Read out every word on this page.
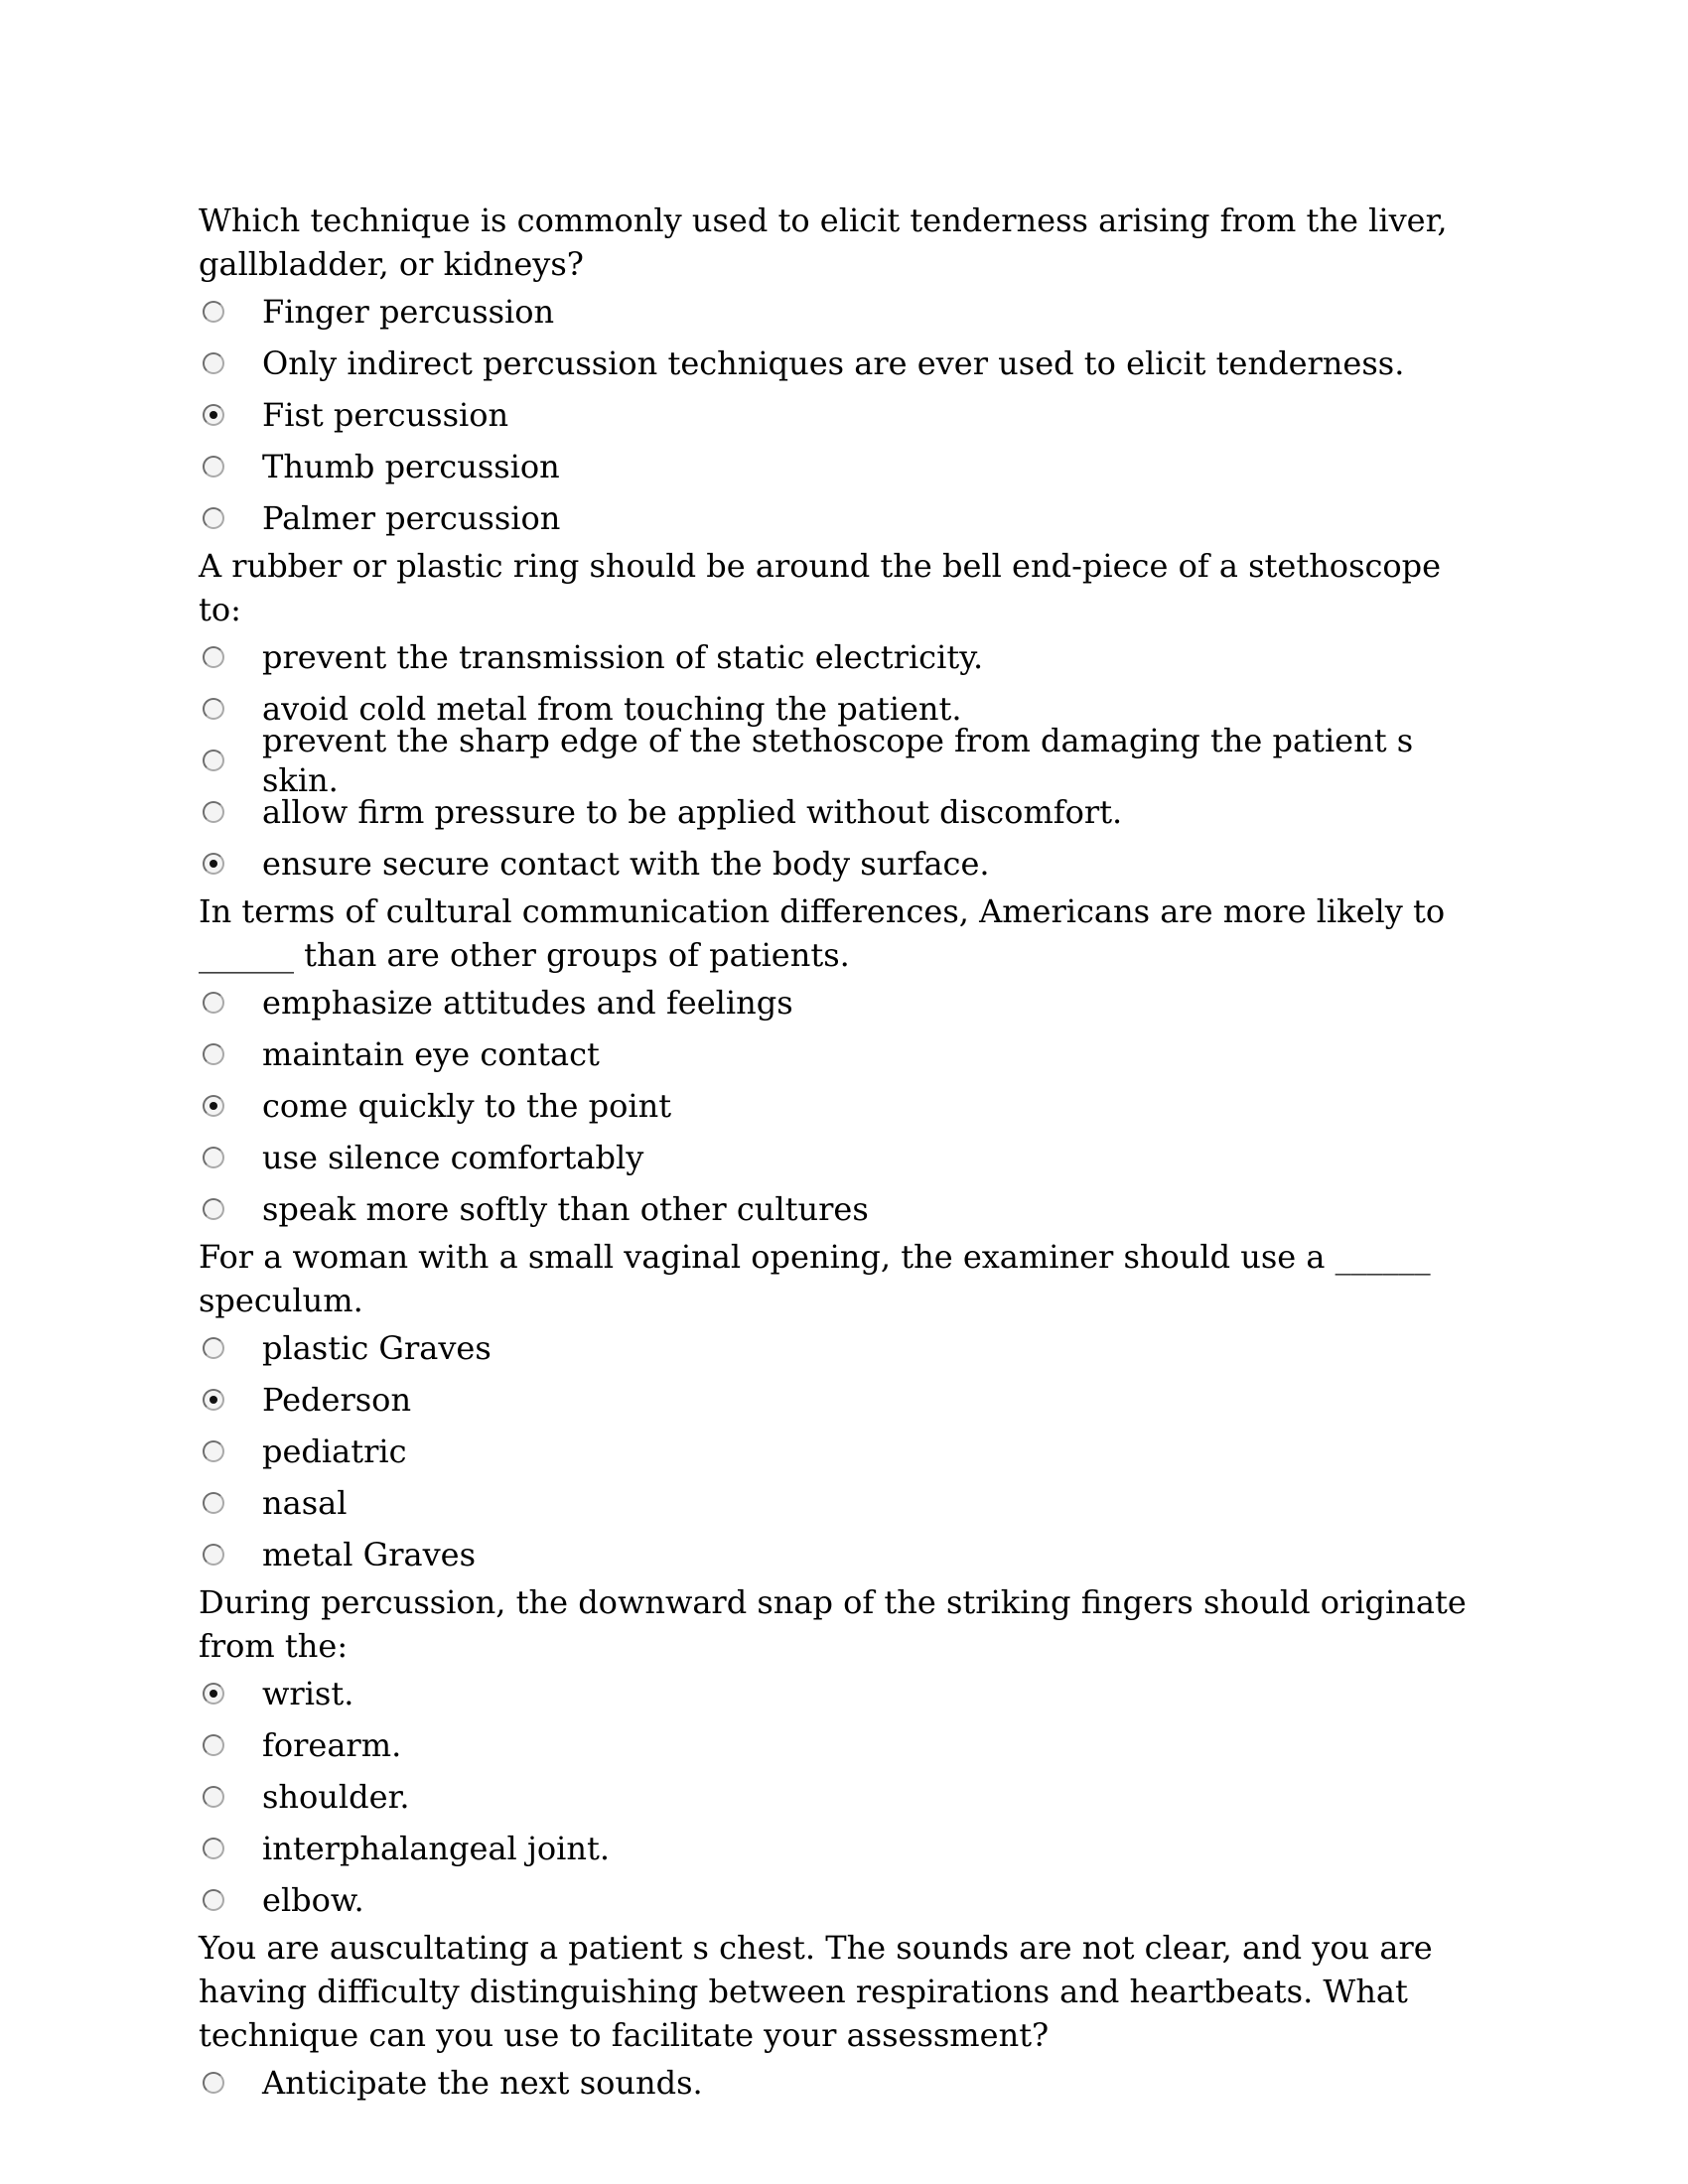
Which technique is commonly used to elicit tenderness arising from the liver, gallbladder, or kidneys?

Finger percussion
Only indirect percussion techniques are ever used to elicit tenderness.
Fist percussion
Thumb percussion
Palmer percussion

A rubber or plastic ring should be around the bell end-piece of a stethoscope to:

prevent the transmission of static electricity.
avoid cold metal from touching the patient.
prevent the sharp edge of the stethoscope from damaging the patient s skin.
allow firm pressure to be applied without discomfort.
ensure secure contact with the body surface.

In terms of cultural communication differences, Americans are more likely to ______ than are other groups of patients.

emphasize attitudes and feelings
maintain eye contact
come quickly to the point
use silence comfortably
speak more softly than other cultures

For a woman with a small vaginal opening, the examiner should use a ______ speculum.

plastic Graves
Pederson
pediatric
nasal
metal Graves

During percussion, the downward snap of the striking fingers should originate from the:

wrist.
forearm.
shoulder.
interphalangeal joint.
elbow.

You are auscultating a patient s chest. The sounds are not clear, and you are having difficulty distinguishing between respirations and heartbeats. What technique can you use to facilitate your assessment?

Anticipate the next sounds.
